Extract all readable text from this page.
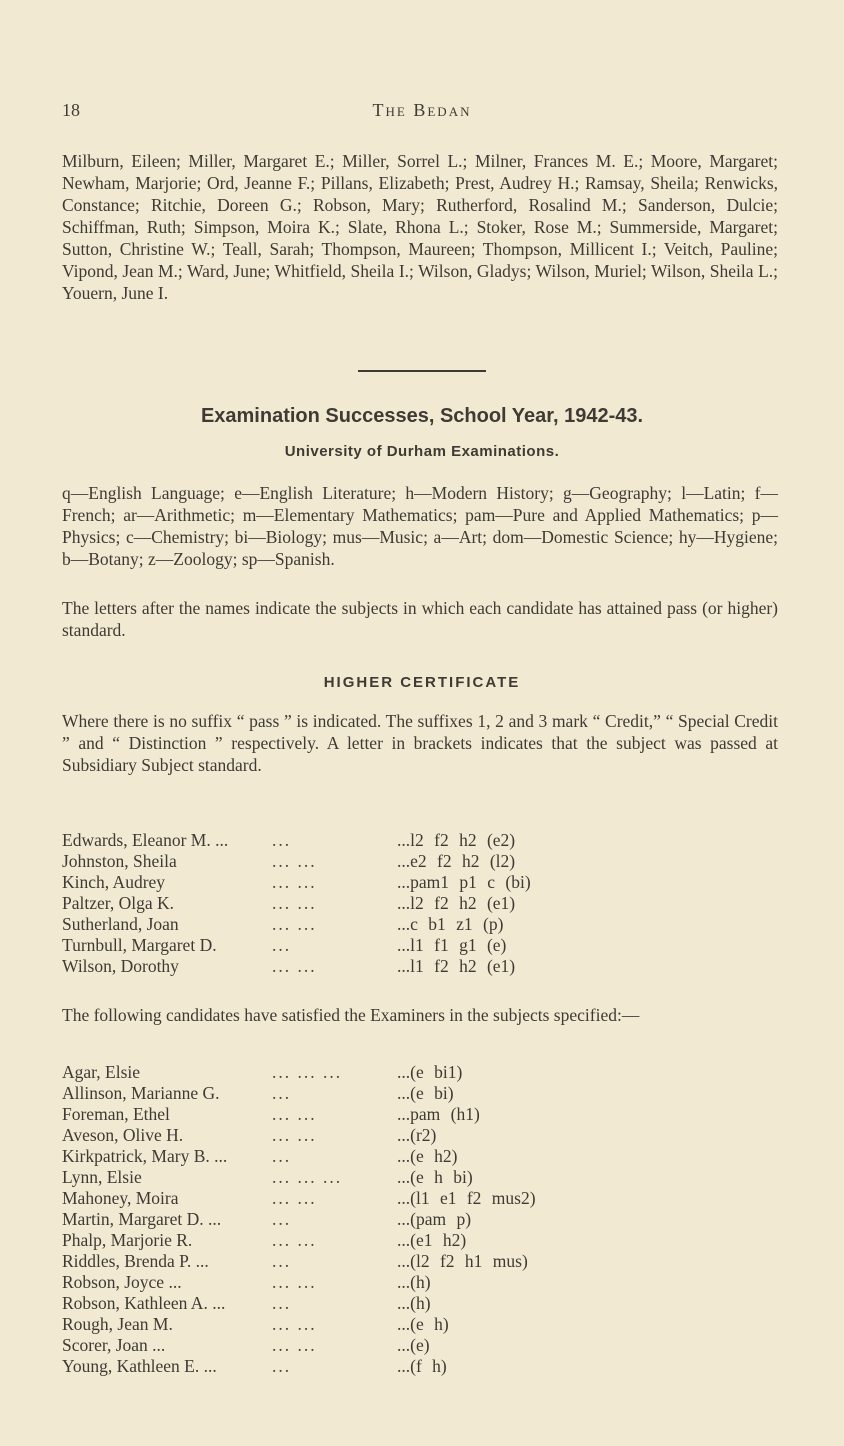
18	The Bedan

Milburn, Eileen; Miller, Margaret E.; Miller, Sorrel L.; Milner, Frances M. E.; Moore, Margaret; Newham, Marjorie; Ord, Jeanne F.; Pillans, Elizabeth; Prest, Audrey H.; Ramsay, Sheila; Renwicks, Constance; Ritchie, Doreen G.; Robson, Mary; Rutherford, Rosalind M.; Sanderson, Dulcie; Schiffman, Ruth; Simpson, Moira K.; Slate, Rhona L.; Stoker, Rose M.; Summerside, Margaret; Sutton, Christine W.; Teall, Sarah; Thompson, Maureen; Thompson, Millicent I.; Veitch, Pauline; Vipond, Jean M.; Ward, June; Whitfield, Sheila I.; Wilson, Gladys; Wilson, Muriel; Wilson, Sheila L.; Youern, June I.

Examination Successes, School Year, 1942-43.
University of Durham Examinations.

q—English Language; e—English Literature; h—Modern History; g—Geography; l—Latin; f—French; ar—Arithmetic; m—Elementary Mathematics; pam—Pure and Applied Mathematics; p—Physics; c—Chemistry; bi—Biology; mus—Music; a—Art; dom—Domestic Science; hy—Hygiene; b—Botany; z—Zoology; sp—Spanish.

The letters after the names indicate the subjects in which each candidate has attained pass (or higher) standard.

HIGHER CERTIFICATE

Where there is no suffix “ pass ” is indicated. The suffixes 1, 2 and 3 mark “ Credit,” “ Special Credit ” and “ Distinction ” respectively. A letter in brackets indicates that the subject was passed at Subsidiary Subject standard.

Edwards, Eleanor M. ...	...	...l2 f2 h2 (e2)
Johnston, Sheila	... ...	...e2 f2 h2 (l2)
Kinch, Audrey	... ...	...pam1 p1 c (bi)
Paltzer, Olga K.	... ...	...l2 f2 h2 (e1)
Sutherland, Joan	... ...	...c b1 z1 (p)
Turnbull, Margaret D.	...	...l1 f1 g1 (e)
Wilson, Dorothy	... ...	...l1 f2 h2 (e1)

The following candidates have satisfied the Examiners in the subjects specified:—

Agar, Elsie	... ... ...	...(e bi1)
Allinson, Marianne G.	...	...(e bi)
Foreman, Ethel	... ...	...pam (h1)
Aveson, Olive H.	... ...	...(r2)
Kirkpatrick, Mary B. ...	...	...(e h2)
Lynn, Elsie	... ... ...	...(e h bi)
Mahoney, Moira	... ...	...(l1 e1 f2 mus2)
Martin, Margaret D. ...	...	...(pam p)
Phalp, Marjorie R.	... ...	...(e1 h2)
Riddles, Brenda P. ...	...	...(l2 f2 h1 mus)
Robson, Joyce ...	... ...	...(h)
Robson, Kathleen A. ...	...	...(h)
Rough, Jean M.	... ...	...(e h)
Scorer, Joan ...	... ...	...(e)
Young, Kathleen E. ...	...	...(f h)
